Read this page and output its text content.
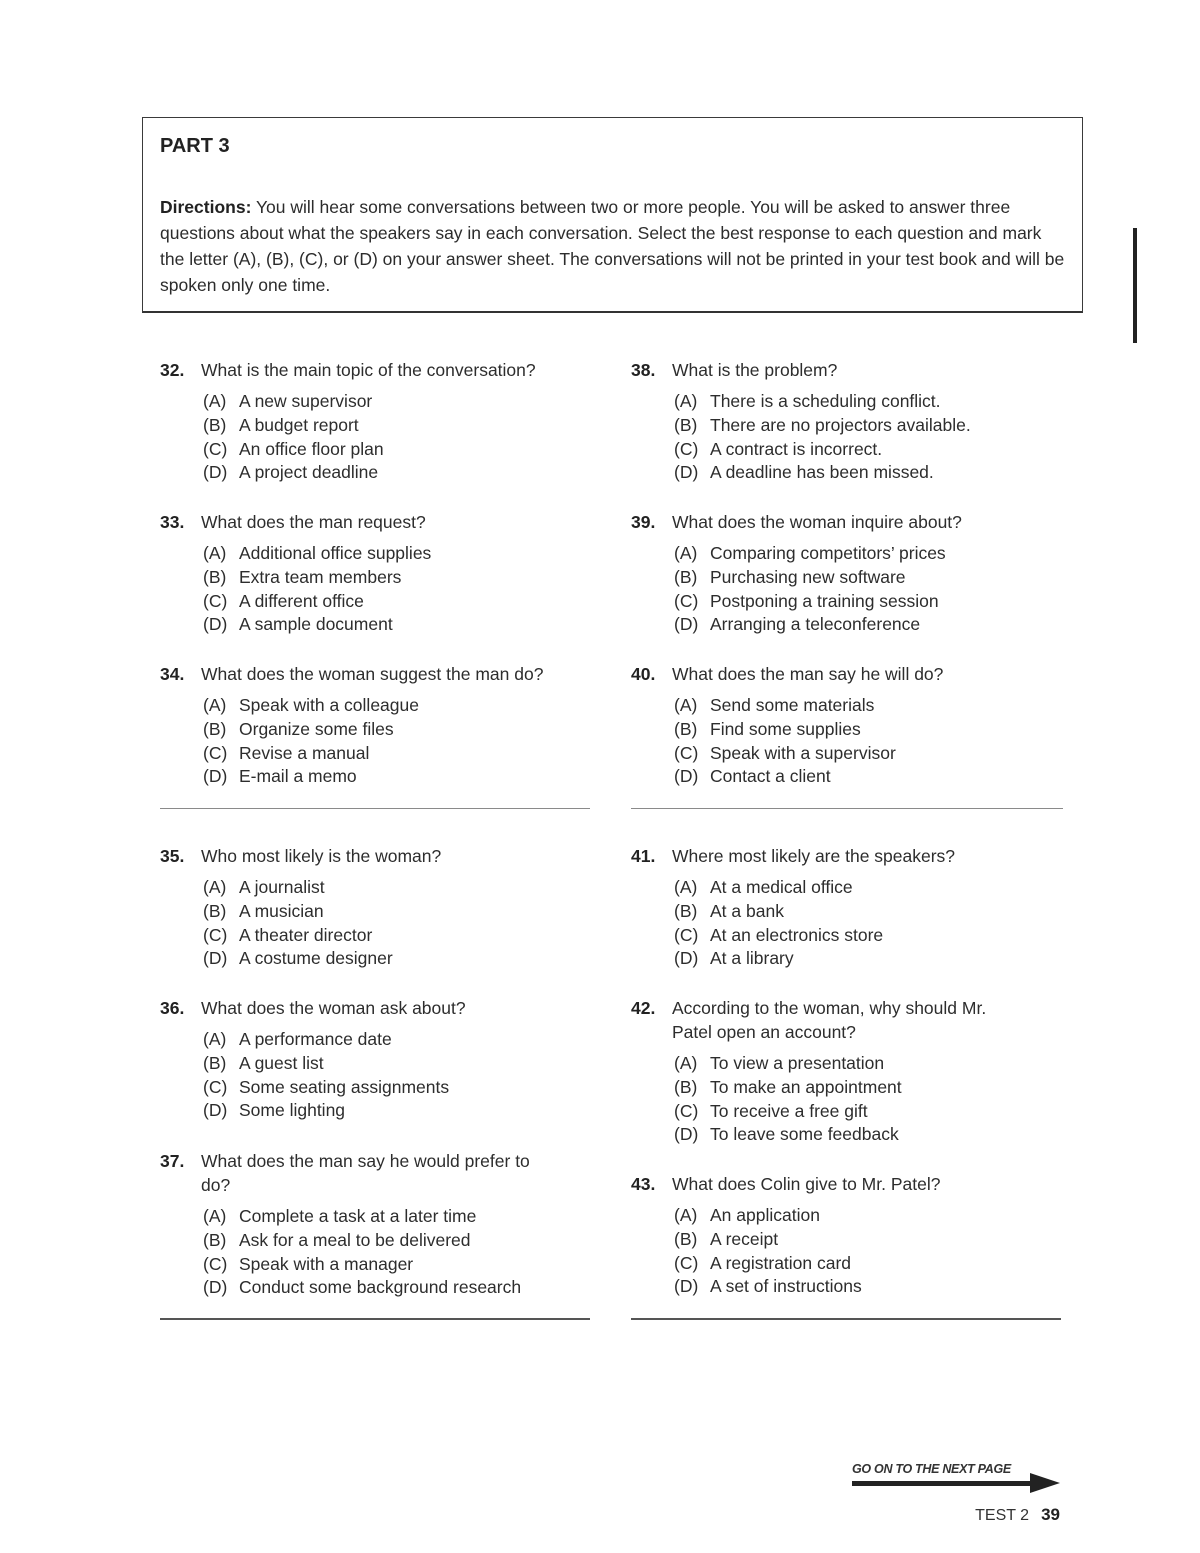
PART 3
Directions: You will hear some conversations between two or more people. You will be asked to answer three questions about what the speakers say in each conversation. Select the best response to each question and mark the letter (A), (B), (C), or (D) on your answer sheet. The conversations will not be printed in your test book and will be spoken only one time.
32. What is the main topic of the conversation?
(A) A new supervisor
(B) A budget report
(C) An office floor plan
(D) A project deadline
33. What does the man request?
(A) Additional office supplies
(B) Extra team members
(C) A different office
(D) A sample document
34. What does the woman suggest the man do?
(A) Speak with a colleague
(B) Organize some files
(C) Revise a manual
(D) E-mail a memo
35. Who most likely is the woman?
(A) A journalist
(B) A musician
(C) A theater director
(D) A costume designer
36. What does the woman ask about?
(A) A performance date
(B) A guest list
(C) Some seating assignments
(D) Some lighting
37. What does the man say he would prefer to do?
(A) Complete a task at a later time
(B) Ask for a meal to be delivered
(C) Speak with a manager
(D) Conduct some background research
38. What is the problem?
(A) There is a scheduling conflict.
(B) There are no projectors available.
(C) A contract is incorrect.
(D) A deadline has been missed.
39. What does the woman inquire about?
(A) Comparing competitors’ prices
(B) Purchasing new software
(C) Postponing a training session
(D) Arranging a teleconference
40. What does the man say he will do?
(A) Send some materials
(B) Find some supplies
(C) Speak with a supervisor
(D) Contact a client
41. Where most likely are the speakers?
(A) At a medical office
(B) At a bank
(C) At an electronics store
(D) At a library
42. According to the woman, why should Mr. Patel open an account?
(A) To view a presentation
(B) To make an appointment
(C) To receive a free gift
(D) To leave some feedback
43. What does Colin give to Mr. Patel?
(A) An application
(B) A receipt
(C) A registration card
(D) A set of instructions
GO ON TO THE NEXT PAGE
TEST 2 39
